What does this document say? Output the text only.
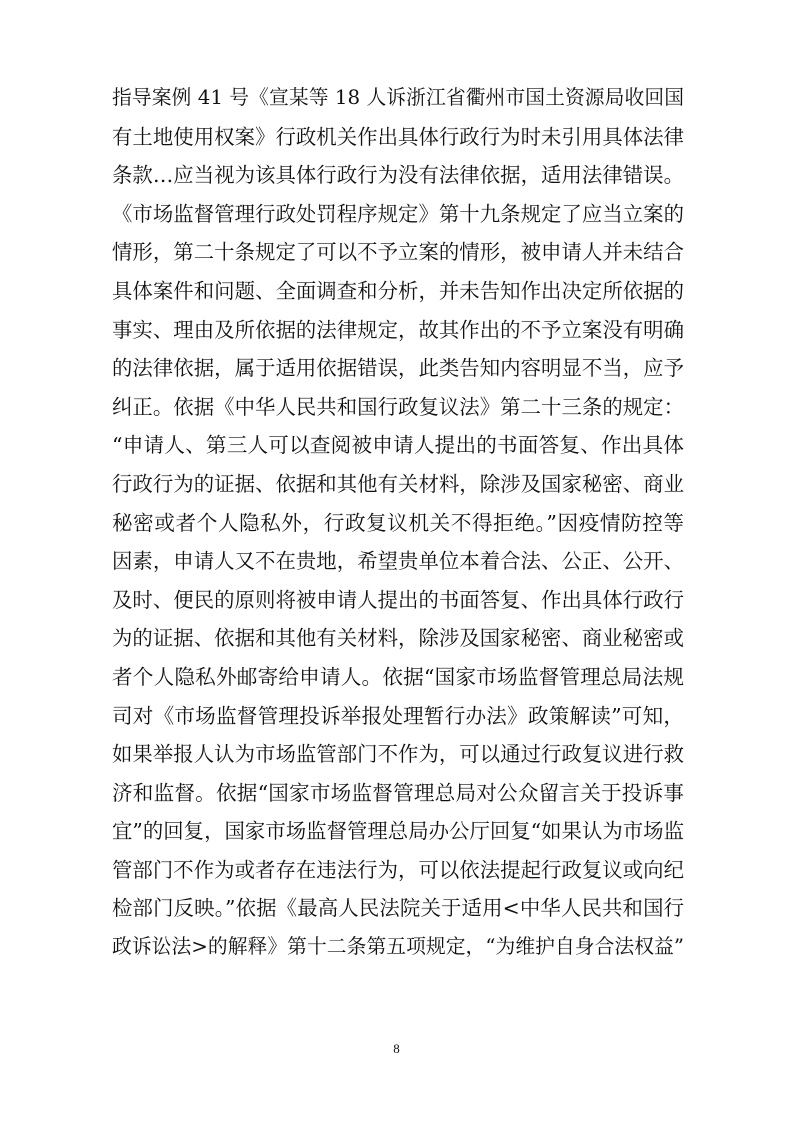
指导案例 41 号《宣某等 18 人诉浙江省衢州市国土资源局收回国
有土地使用权案》行政机关作出具体行政行为时未引用具体法律
条款…应当视为该具体行政行为没有法律依据，适用法律错误。
《市场监督管理行政处罚程序规定》第十九条规定了应当立案的
情形，第二十条规定了可以不予立案的情形，被申请人并未结合
具体案件和问题、全面调查和分析，并未告知作出决定所依据的
事实、理由及所依据的法律规定，故其作出的不予立案没有明确
的法律依据，属于适用依据错误，此类告知内容明显不当，应予
纠正。依据《中华人民共和国行政复议法》第二十三条的规定：
“申请人、第三人可以查阅被申请人提出的书面答复、作出具体
行政行为的证据、依据和其他有关材料，除涉及国家秘密、商业
秘密或者个人隐私外，行政复议机关不得拒绝。”因疫情防控等
因素，申请人又不在贵地，希望贵单位本着合法、公正、公开、
及时、便民的原则将被申请人提出的书面答复、作出具体行政行
为的证据、依据和其他有关材料，除涉及国家秘密、商业秘密或
者个人隐私外邮寄给申请人。依据“国家市场监督管理总局法规
司对《市场监督管理投诉举报处理暂行办法》政策解读”可知，
如果举报人认为市场监管部门不作为，可以通过行政复议进行救
济和监督。依据“国家市场监督管理总局对公众留言关于投诉事
宜”的回复，国家市场监督管理总局办公厅回复“如果认为市场监
管部门不作为或者存在违法行为，可以依法提起行政复议或向纪
检部门反映。”依据《最高人民法院关于适用<中华人民共和国行
政诉讼法>的解释》第十二条第五项规定，“为维护自身合法权益”
8
